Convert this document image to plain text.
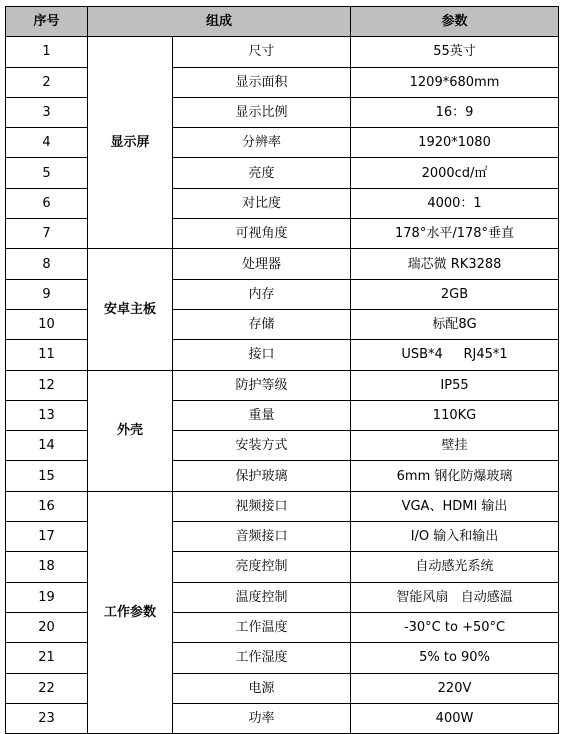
序号	组成		参数
1	显示屏	尺寸	55英寸
2		显示面积	1209*680mm
3		显示比例	16：9
4		分辨率	1920*1080
5		亮度	2000cd/㎡
6		对比度	4000：1
7		可视角度	178°水平/178°垂直
8	安卓主板	处理器	瑞芯微 RK3288
9		内存	2GB
10		存储	标配8G
11		接口	USB*4     RJ45*1
12	外壳	防护等级	IP55
13		重量	110KG
14		安装方式	壁挂
15		保护玻璃	6mm 钢化防爆玻璃
16	工作参数	视频接口	VGA、HDMI 输出
17		音频接口	I/O 输入和输出
18		亮度控制	自动感光系统
19		温度控制	智能风扇   自动感温
20		工作温度	-30°C to +50°C
21		工作湿度	5% to 90%
22		电源	220V
23		功率	400W
